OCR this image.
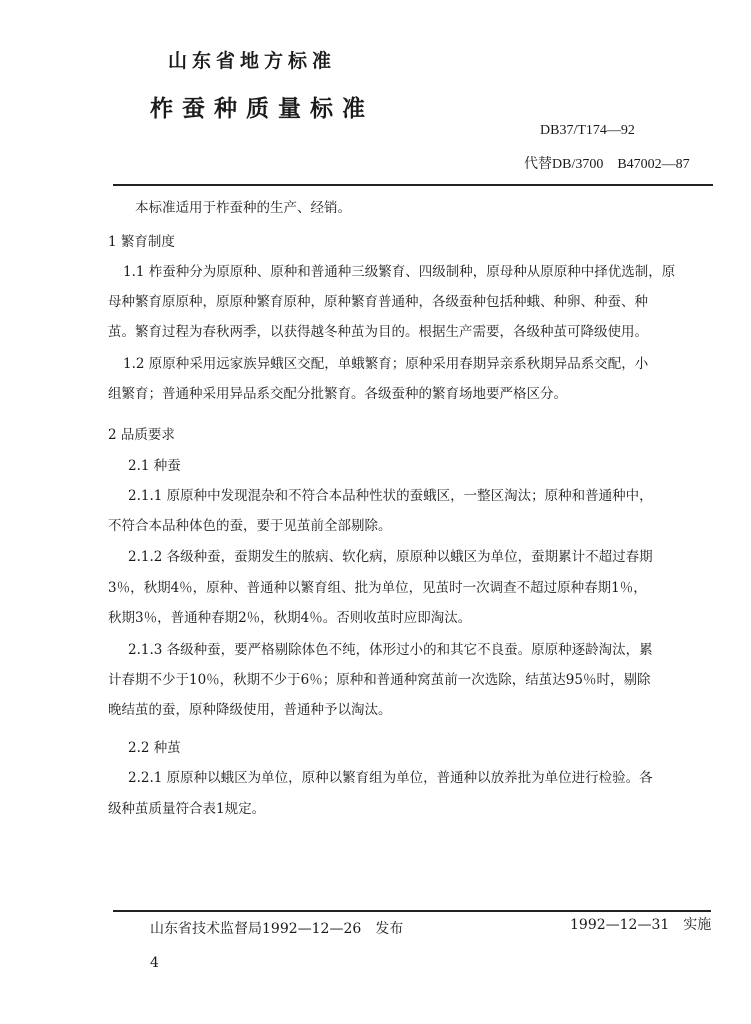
山东省地方标准
柞蚕种质量标准
DB37/T174—92
代替DB/3700　B47002—87
本标准适用于柞蚕种的生产、经销。
1 繁育制度
1.1 柞蚕种分为原原种、原种和普通种三级繁育、四级制种，原母种从原原种中择优选制，原
母种繁育原原种，原原种繁育原种，原种繁育普通种，各级蚕种包括种蛾、种卵、种蚕、种
茧。繁育过程为春秋两季，以获得越冬种茧为目的。根据生产需要，各级种茧可降级使用。
1.2 原原种采用远家族异蛾区交配，单蛾繁育；原种采用春期异亲系秋期异品系交配，小
组繁育；普通种采用异品系交配分批繁育。各级蚕种的繁育场地要严格区分。
2 品质要求
2.1 种蚕
2.1.1 原原种中发现混杂和不符合本品种性状的蚕蛾区，一整区淘汰；原种和普通种中，
不符合本品种体色的蚕，要于见茧前全部剔除。
2.1.2 各级种蚕，蚕期发生的脓病、软化病，原原种以蛾区为单位，蚕期累计不超过春期
3％，秋期4％，原种、普通种以繁育组、批为单位，见茧时一次调查不超过原种春期1％，
秋期3％，普通种春期2％，秋期4％。否则收茧时应即淘汰。
2.1.3 各级种蚕，要严格剔除体色不纯，体形过小的和其它不良蚕。原原种逐龄淘汰，累
计春期不少于10％，秋期不少于6％；原种和普通种窝茧前一次选除，结茧达95％时，剔除
晚结茧的蚕，原种降级使用，普通种予以淘汰。
2.2 种茧
2.2.1 原原种以蛾区为单位，原种以繁育组为单位，普通种以放养批为单位进行检验。各
级种茧质量符合表1规定。
山东省技术监督局1992—12—26　发布	1992—12—31　实施
4
